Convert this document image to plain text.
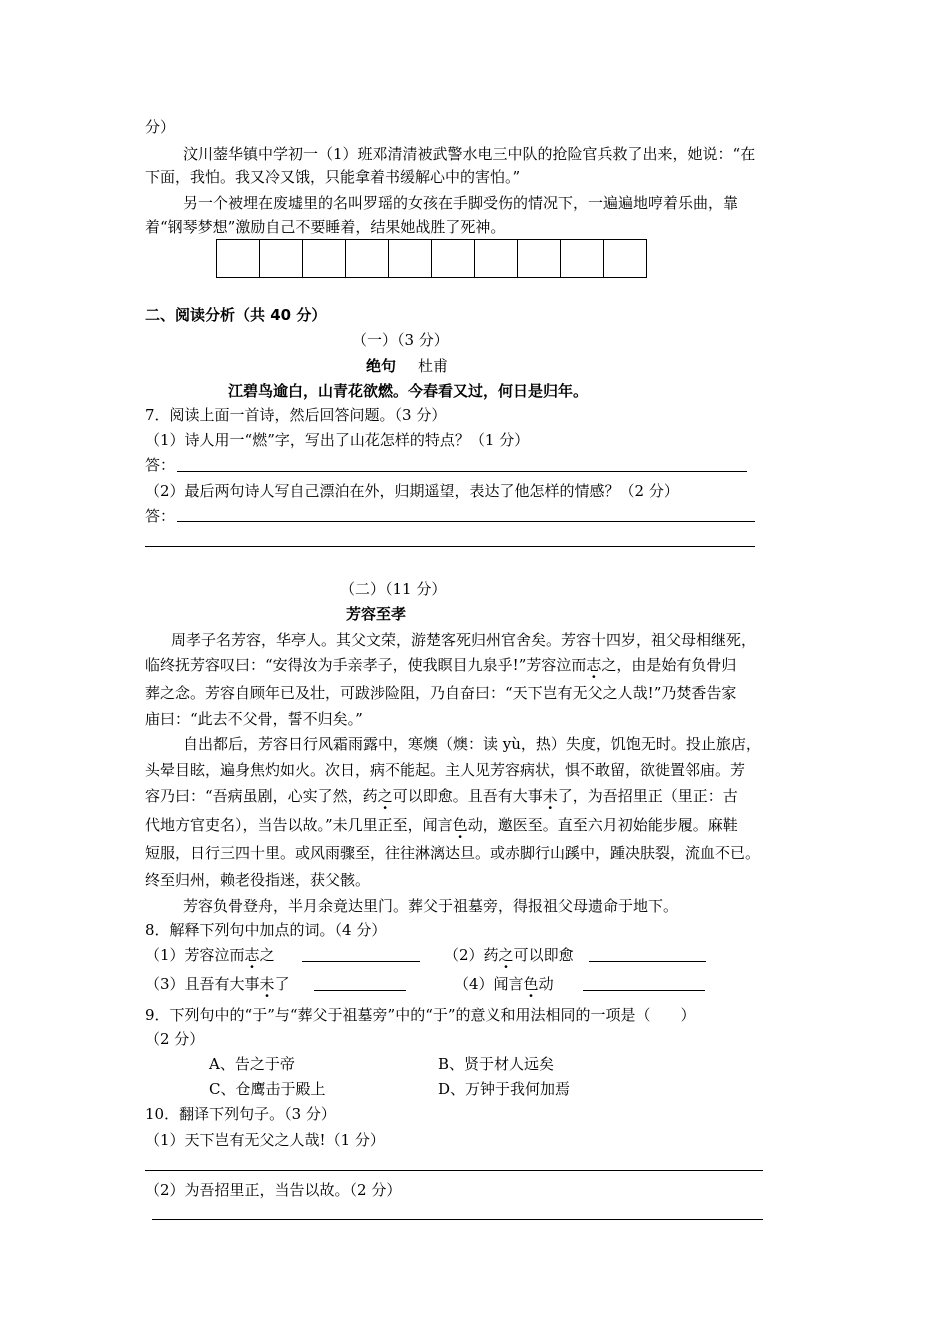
分）
汶川蓥华镇中学初一（1）班邓清清被武警水电三中队的抢险官兵救了出来，她说：“在
下面，我怕。我又冷又饿，只能拿着书缓解心中的害怕。”
另一个被埋在废墟里的名叫罗瑶的女孩在手脚受伤的情况下，一遍遍地哼着乐曲，靠
着“钢琴梦想”激励自己不要睡着，结果她战胜了死神。
二、阅读分析（共 40 分）
（一）（3 分）
绝句 杜甫
江碧鸟逾白，山青花欲燃。今春看又过，何日是归年。
7．阅读上面一首诗，然后回答问题。（3 分）
（1）诗人用一“燃”字，写出了山花怎样的特点？（1 分）
答：
（2）最后两句诗人写自己漂泊在外，归期遥望，表达了他怎样的情感？（2 分）
答：
（二）（11 分）
芳容至孝
周孝子名芳容，华亭人。其父文荣，游楚客死归州官舍矣。芳容十四岁，祖父母相继死，
临终抚芳容叹曰：“安得汝为手亲孝子，使我瞑目九泉乎!”芳容泣而志之，由是始有负骨归
葬之念。芳容自顾年已及壮，可跋涉险阻，乃自奋曰：“天下岂有无父之人哉!”乃焚香告家
庙曰：“此去不父骨，誓不归矣。”
自出都后，芳容日行风霜雨露中，寒燠（燠：读 yù，热）失度，饥饱无时。投止旅店，
头晕目眩，遍身焦灼如火。次日，病不能起。主人见芳容病状，惧不敢留，欲徙置邻庙。芳
容乃曰：“吾病虽剧，心实了然，药之可以即愈。且吾有大事未了，为吾招里正（里正：古
代地方官吏名），当告以故。”未几里正至，闻言色动，邀医至。直至六月初始能步履。麻鞋
短服，日行三四十里。或风雨骤至，往往淋漓达旦。或赤脚行山蹊中，踵决肤裂，流血不已。
终至归州，赖老役指迷，获父骸。
芳容负骨登舟，半月余竟达里门。葬父于祖墓旁，得报祖父母遗命于地下。
8．解释下列句中加点的词。（4 分）
（1）芳容泣而志之	（2）药之可以即愈
（3）且吾有大事未了	（4）闻言色动
9．下列句中的“于”与“葬父于祖墓旁”中的“于”的意义和用法相同的一项是（　　）
（2 分）
A、告之于帝	B、贤于材人远矣
C、仓鹰击于殿上	D、万钟于我何加焉
10．翻译下列句子。（3 分）
（1）天下岂有无父之人哉!（1 分）
（2）为吾招里正，当告以故。（2 分）
